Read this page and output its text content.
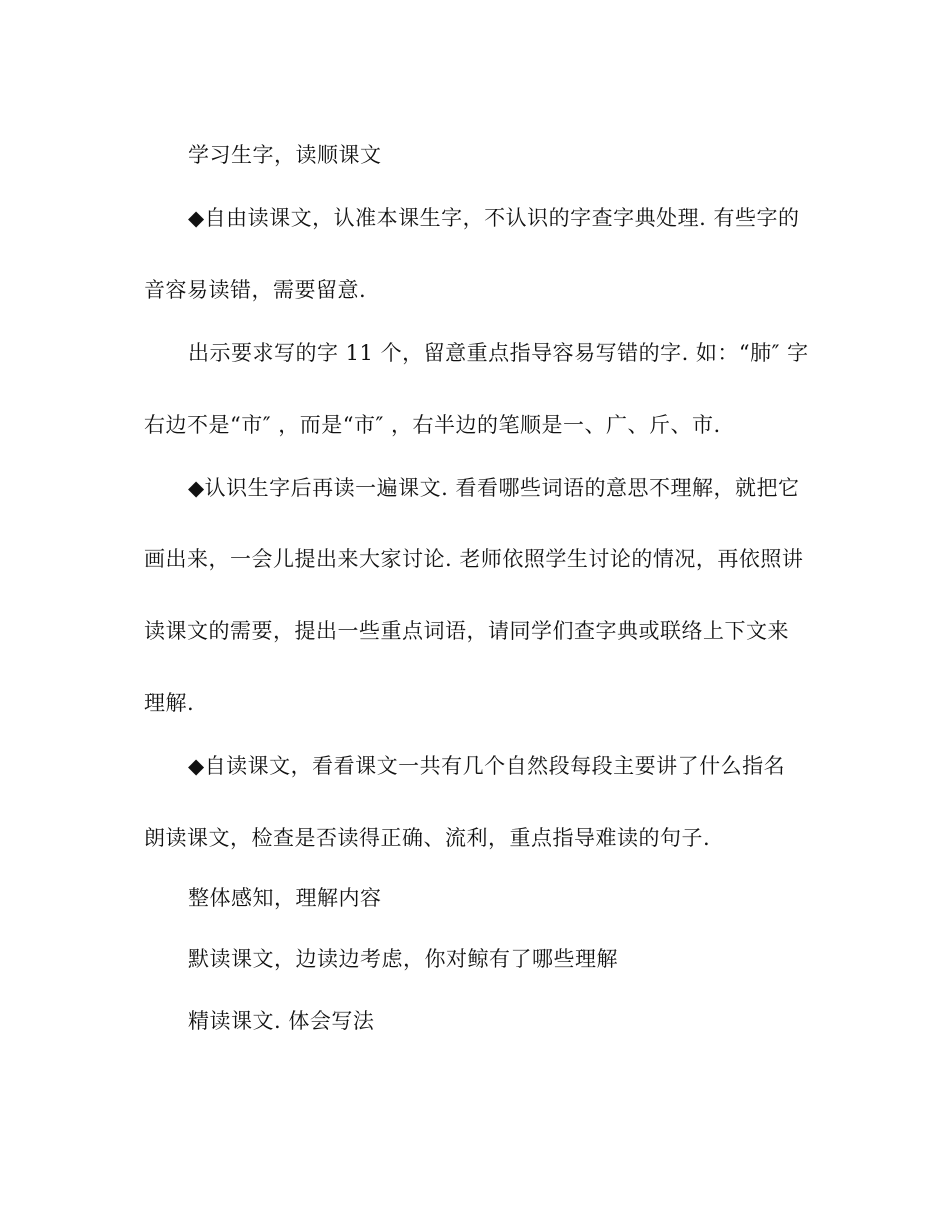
学习生字，读顺课文
◆自由读课文，认准本课生字，不认识的字查字典处理. 有些字的
音容易读错，需要留意.
出示要求写的字 11 个，留意重点指导容易写错的字. 如：“肺″ 字
右边不是“市″ ，而是“市″ ，右半边的笔顺是一、广、斤、市.
◆认识生字后再读一遍课文. 看看哪些词语的意思不理解，就把它
画出来，一会儿提出来大家讨论. 老师依照学生讨论的情况，再依照讲
读课文的需要，提出一些重点词语，请同学们查字典或联络上下文来
理解.
◆自读课文，看看课文一共有几个自然段每段主要讲了什么指名
朗读课文，检查是否读得正确、流利，重点指导难读的句子.
整体感知，理解内容
默读课文，边读边考虑，你对鲸有了哪些理解
精读课文. 体会写法
